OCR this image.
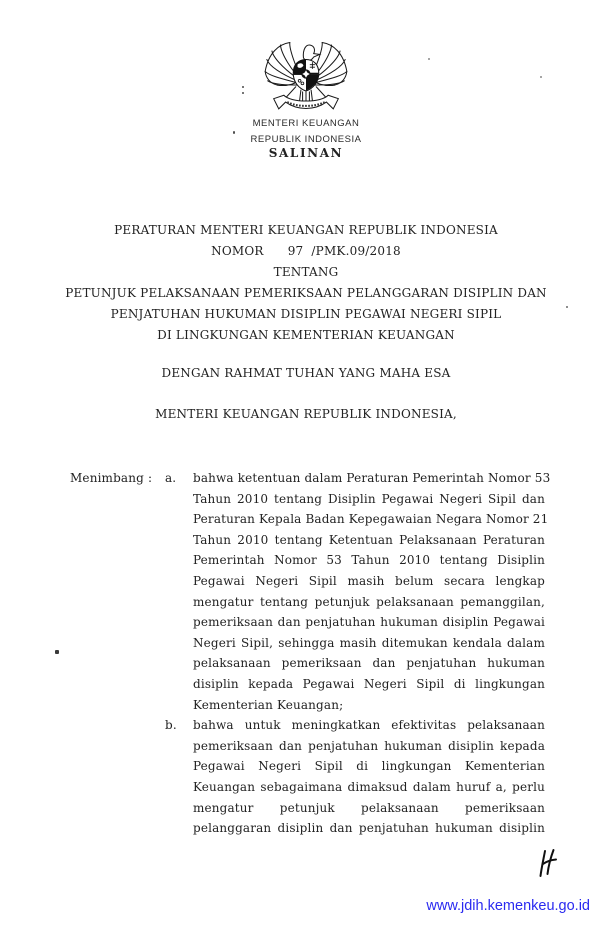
MENTERI KEUANGAN
REPUBLIK INDONESIA
SALINAN
PERATURAN MENTERI KEUANGAN REPUBLIK INDONESIA
NOMOR      97  /PMK.09/2018
TENTANG
PETUNJUK PELAKSANAAN PEMERIKSAAN PELANGGARAN DISIPLIN DAN
PENJATUHAN HUKUMAN DISIPLIN PEGAWAI NEGERI SIPIL
DI LINGKUNGAN KEMENTERIAN KEUANGAN
DENGAN RAHMAT TUHAN YANG MAHA ESA
MENTERI KEUANGAN REPUBLIK INDONESIA,
Menimbang :	a.	bahwa ketentuan dalam Peraturan Pemerintah Nomor 53
Tahun 2010 tentang Disiplin Pegawai Negeri Sipil dan
Peraturan Kepala Badan Kepegawaian Negara Nomor 21
Tahun 2010 tentang Ketentuan Pelaksanaan Peraturan
Pemerintah Nomor 53 Tahun 2010 tentang Disiplin
Pegawai Negeri Sipil masih belum secara lengkap
mengatur tentang petunjuk pelaksanaan pemanggilan,
pemeriksaan dan penjatuhan hukuman disiplin Pegawai
Negeri Sipil, sehingga masih ditemukan kendala dalam
pelaksanaan pemeriksaan dan penjatuhan hukuman
disiplin kepada Pegawai Negeri Sipil di lingkungan
Kementerian Keuangan;
b.	bahwa untuk meningkatkan efektivitas pelaksanaan
pemeriksaan dan penjatuhan hukuman disiplin kepada
Pegawai Negeri Sipil di lingkungan Kementerian
Keuangan sebagaimana dimaksud dalam huruf a, perlu
mengatur petunjuk pelaksanaan pemeriksaan
pelanggaran disiplin dan penjatuhan hukuman disiplin
www.jdih.kemenkeu.go.id
